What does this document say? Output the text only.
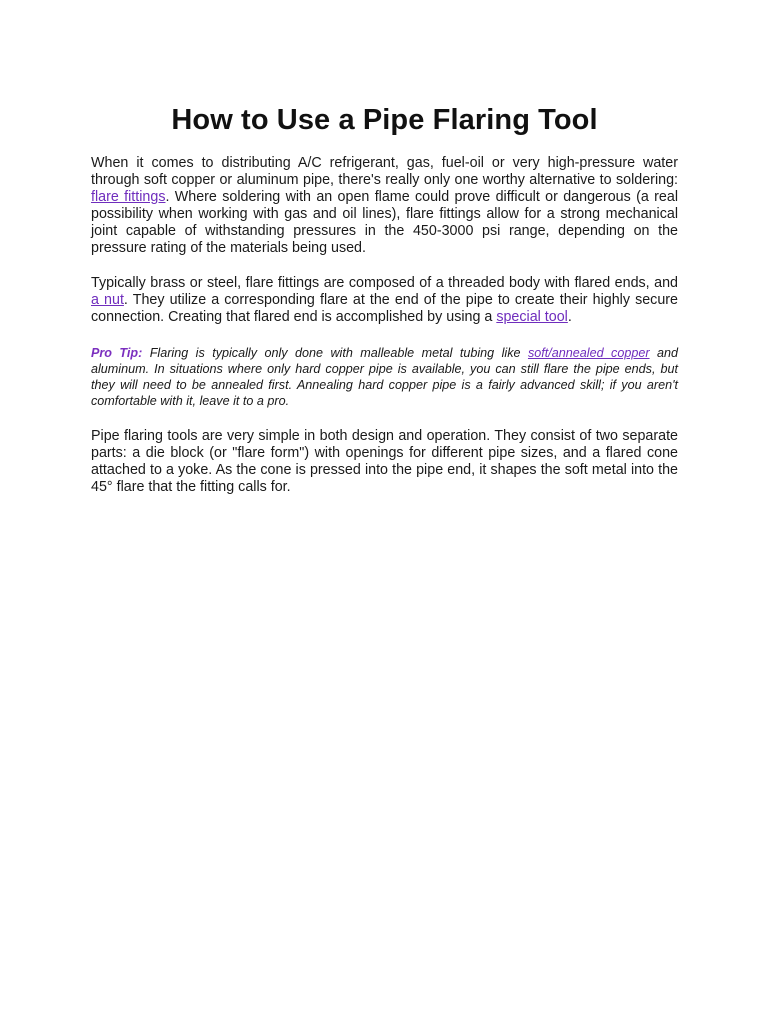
How to Use a Pipe Flaring Tool

When it comes to distributing A/C refrigerant, gas, fuel-oil or very high-pressure water through soft copper or aluminum pipe, there's really only one worthy alternative to soldering: flare fittings. Where soldering with an open flame could prove difficult or dangerous (a real possibility when working with gas and oil lines), flare fittings allow for a strong mechanical joint capable of withstanding pressures in the 450-3000 psi range, depending on the pressure rating of the materials being used.

Typically brass or steel, flare fittings are composed of a threaded body with flared ends, and a nut. They utilize a corresponding flare at the end of the pipe to create their highly secure connection. Creating that flared end is accomplished by using a special tool.

Pro Tip: Flaring is typically only done with malleable metal tubing like soft/annealed copper and aluminum. In situations where only hard copper pipe is available, you can still flare the pipe ends, but they will need to be annealed first. Annealing hard copper pipe is a fairly advanced skill; if you aren't comfortable with it, leave it to a pro.

Pipe flaring tools are very simple in both design and operation. They consist of two separate parts: a die block (or "flare form") with openings for different pipe sizes, and a flared cone attached to a yoke. As the cone is pressed into the pipe end, it shapes the soft metal into the 45° flare that the fitting calls for.
